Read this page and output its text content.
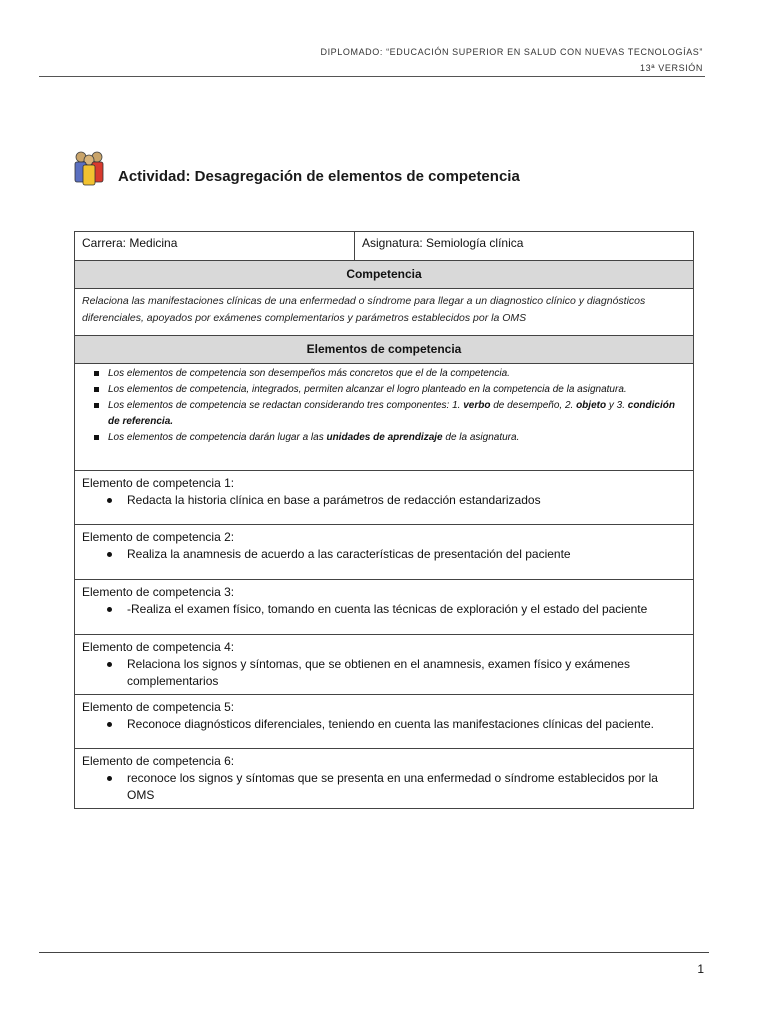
DIPLOMADO: “EDUCACIÓN SUPERIOR EN SALUD CON NUEVAS TECNOLOGÍAS”
13ª VERSIÓN
Actividad: Desagregación de elementos de competencia
Carrera: Medicina	Asignatura: Semiología clínica
Competencia
Relaciona las manifestaciones clínicas de una enfermedad o síndrome para llegar a un diagnostico clínico y diagnósticos diferenciales, apoyados por exámenes complementarios y parámetros establecidos por la OMS
Elementos de competencia

Los elementos de competencia son desempeños más concretos que el de la competencia.
Los elementos de competencia, integrados, permiten alcanzar el logro planteado en la competencia de la asignatura.
Los elementos de competencia se redactan considerando tres componentes: 1. verbo de desempeño, 2. objeto y 3. condición de referencia.
Los elementos de competencia darán lugar a las unidades de aprendizaje de la asignatura.

Elemento de competencia 1:
Redacta la historia clínica en base a parámetros de redacción estandarizados

Elemento de competencia 2:
Realiza la anamnesis de acuerdo a las características de presentación del paciente

Elemento de competencia 3:
-Realiza el examen físico, tomando en cuenta las técnicas de exploración y el estado del paciente

Elemento de competencia 4:
Relaciona los signos y síntomas, que se obtienen en el anamnesis, examen físico y exámenes complementarios

Elemento de competencia 5:
Reconoce diagnósticos diferenciales, teniendo en cuenta las manifestaciones clínicas del paciente.

Elemento de competencia 6:
reconoce los signos y síntomas que se presenta en una enfermedad o síndrome establecidos por la OMS
1
